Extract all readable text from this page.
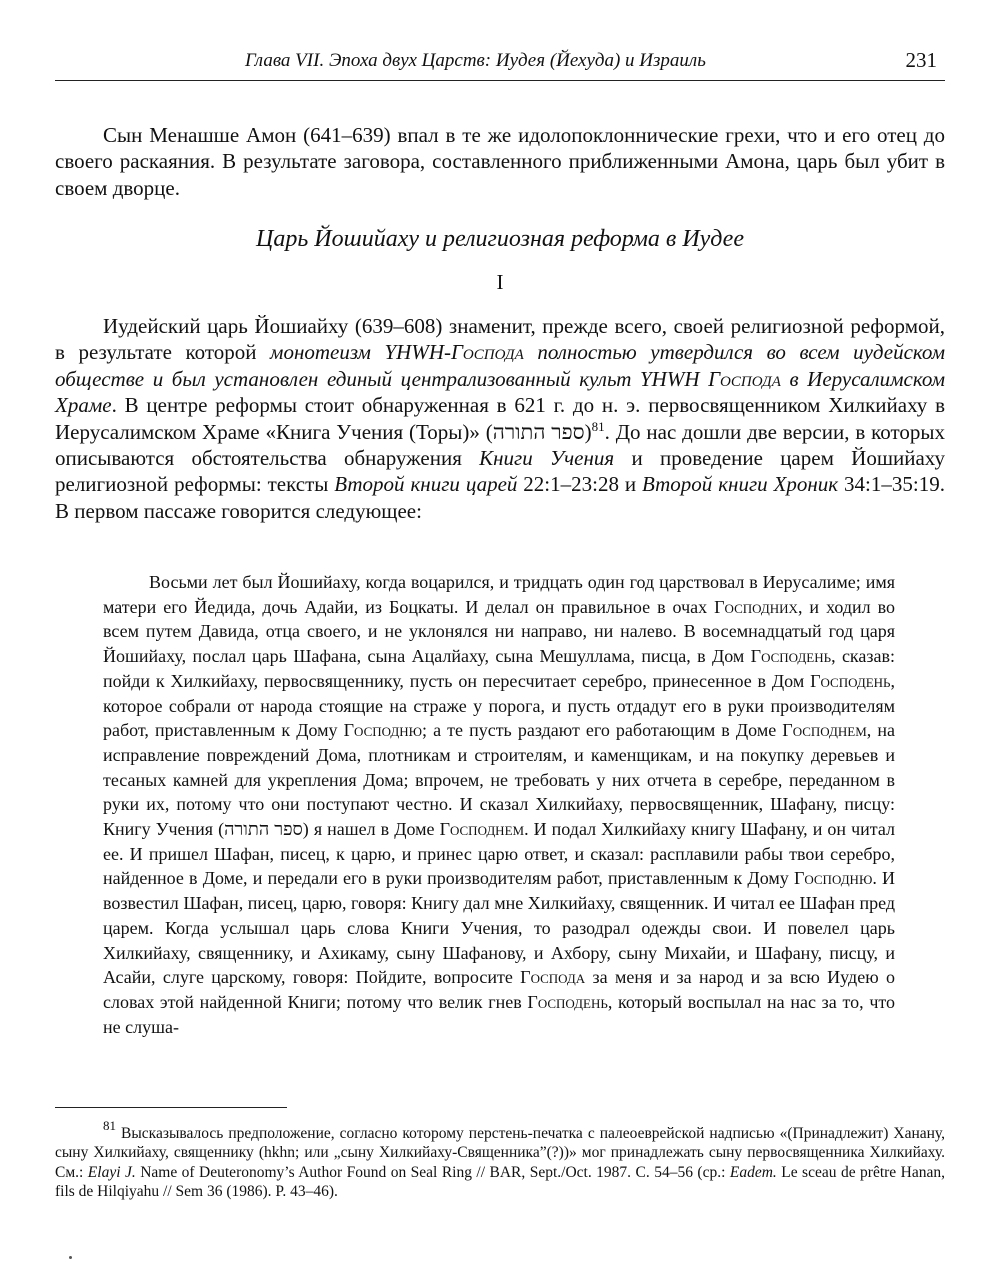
Глава VII. Эпоха двух Царств: Иудея (Йехуда) и Израиль	231

Сын Менашше Амон (641–639) впал в те же идолопоклоннические грехи, что и его отец до своего раскаяния. В результате заговора, составленного приближенными Амона, царь был убит в своем дворце.

Царь Йошийаху и религиозная реформа в Иудее
I

Иудейский царь Йошиайху (639–608) знаменит, прежде всего, своей религиозной реформой, в результате которой монотеизм YHWH-Господа полностью утвердился во всем иудейском обществе и был установлен единый централизованный культ YHWH Господа в Иерусалимском Храме. В центре реформы стоит обнаруженная в 621 г. до н. э. первосвященником Хилкийаху в Иерусалимском Храме «Книга Учения (Торы)» (ספר התורה)$^{81}$. До нас дошли две версии, в которых описываются обстоятельства обнаружения Книги Учения и проведение царем Йошийаху религиозной реформы: тексты Второй книги царей 22:1–23:28 и Второй книги Хроник 34:1–35:19. В первом пассаже говорится следующее:

Восьми лет был Йошийаху, когда воцарился, и тридцать один год царствовал в Иерусалиме; имя матери его Йедида, дочь Адайи, из Боцкаты. И делал он правильное в очах Господних, и ходил во всем путем Давида, отца своего, и не уклонялся ни направо, ни налево. В восемнадцатый год царя Йошийаху, послал царь Шафана, сына Ацалйаху, сына Мешуллама, писца, в Дом Господень, сказав: пойди к Хилкийаху, первосвященнику, пусть он пересчитает серебро, принесенное в Дом Господень, которое собрали от народа стоящие на страже у порога, и пусть отдадут его в руки производителям работ, приставленным к Дому Господню; а те пусть раздают его работающим в Доме Господнем, на исправление повреждений Дома, плотникам и строителям, и каменщикам, и на покупку деревьев и тесаных камней для укрепления Дома; впрочем, не требовать у них отчета в серебре, переданном в руки их, потому что они поступают честно. И сказал Хилкийаху, первосвященник, Шафану, писцу: Книгу Учения (ספר התורה) я нашел в Доме Господнем. И подал Хилкийаху книгу Шафану, и он читал ее. И пришел Шафан, писец, к царю, и принес царю ответ, и сказал: расплавили рабы твои серебро, найденное в Доме, и передали его в руки производителям работ, приставленным к Дому Господню. И возвестил Шафан, писец, царю, говоря: Книгу дал мне Хилкийаху, священник. И читал ее Шафан пред царем. Когда услышал царь слова Книги Учения, то разодрал одежды свои. И повелел царь Хилкийаху, священнику, и Ахикаму, сыну Шафанову, и Ахбору, сыну Михайи, и Шафану, писцу, и Асайи, слуге царскому, говоря: Пойдите, вопросите Господа за меня и за народ и за всю Иудею о словах этой найденной Книги; потому что велик гнев Господень, который воспылал на нас за то, что не слуша-

$^{81}$ Высказывалось предположение, согласно которому перстень-печатка с палеоеврейской надписью «(Принадлежит) Ханану, сыну Хилкийаху, священнику (hkhn; или „сыну Хилкийаху-Священника”(?))» мог принадлежать сыну первосвященника Хилкийаху. См.: Elayi J. Name of Deuteronomy’s Author Found on Seal Ring // BAR, Sept./Oct. 1987. С. 54–56 (ср.: Eadem. Le sceau de prêtre Hanan, fils de Hilqiyahu // Sem 36 (1986). P. 43–46).
